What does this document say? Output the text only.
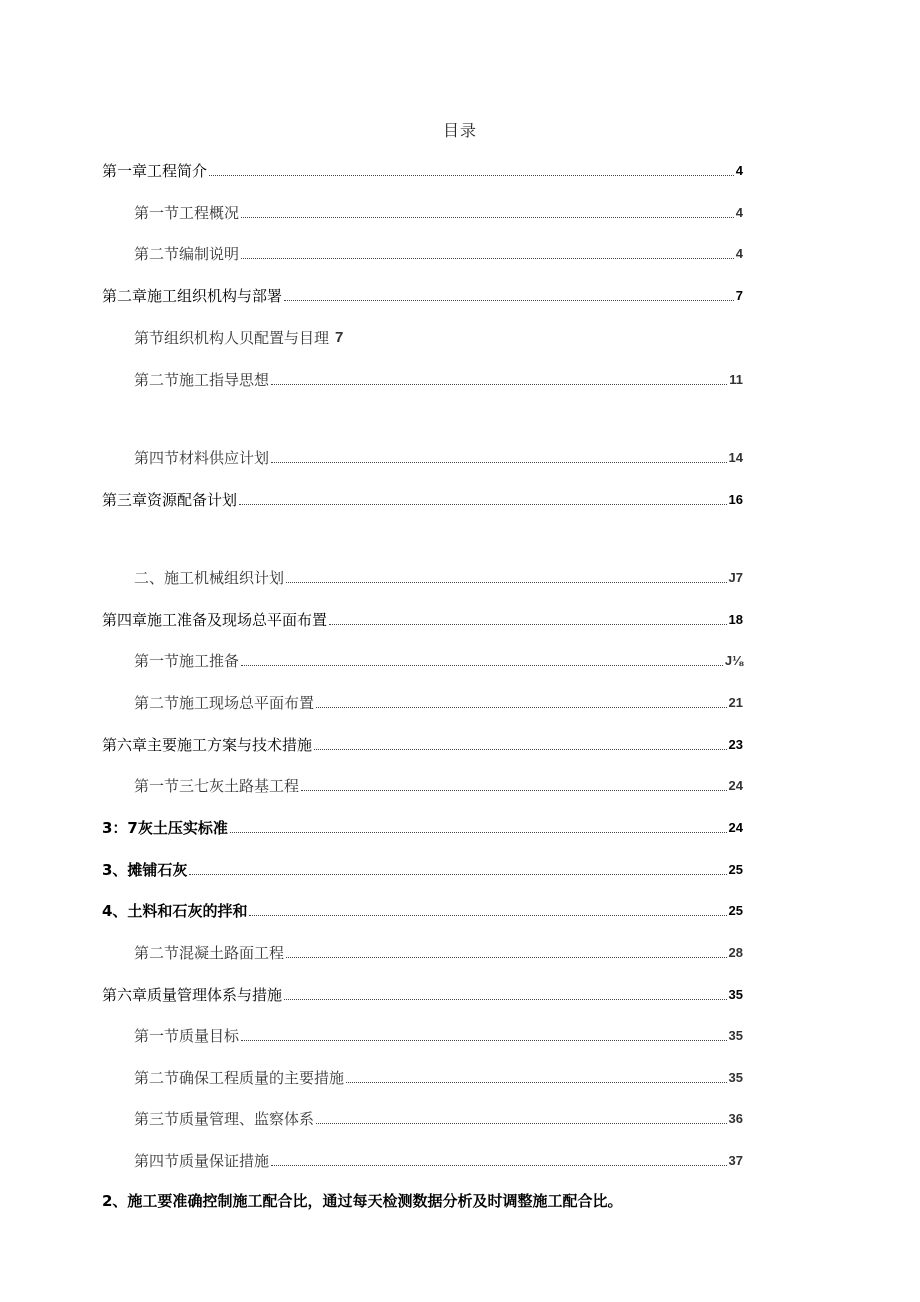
目录
第一章工程简介	4
第一节工程概况	4
第二节编制说明	4
第二章施工组织机构与部署	7
第节组织机构人贝配置与目理 7
第二节施工指导思想	11
第四节材料供应计划	14
第三章资源配备计划	16
二、施工机械组织计划	J7
第四章施工准备及现场总平面布置	18
第一节施工推备	J⅛
第二节施工现场总平面布置	21
第六章主要施工方案与技术措施	23
第一节三七灰土路基工程	24
3：7灰土压实标准	24
3、摊铺石灰	25
4、土料和石灰的拌和	25
第二节混凝土路面工程	28
第六章质量管理体系与措施	35
第一节质量目标	35
第二节确保工程质量的主要措施	35
第三节质量管理、监察体系	36
第四节质量保证措施	37
2、施工要准确控制施工配合比，通过每天检测数据分析及时调整施工配合比。
